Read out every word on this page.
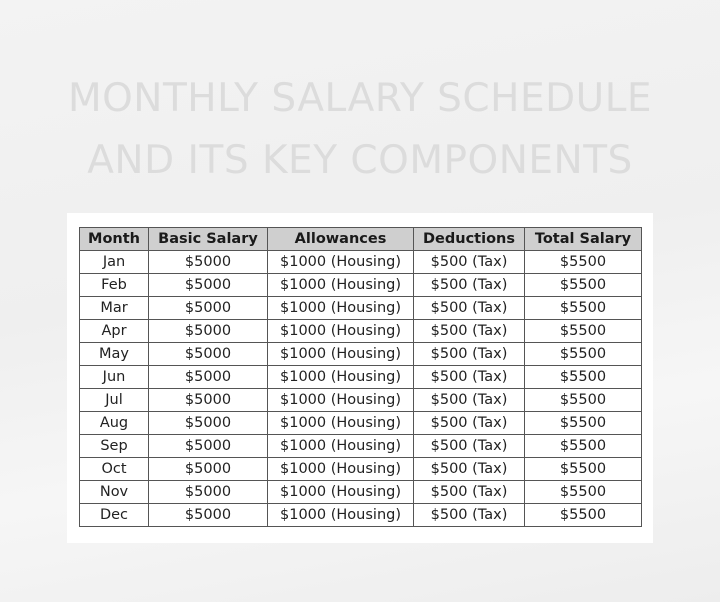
MONTHLY SALARY SCHEDULE
AND ITS KEY COMPONENTS
Month	Basic Salary	Allowances	Deductions	Total Salary
Jan	$5000	$1000 (Housing)	$500 (Tax)	$5500
Feb	$5000	$1000 (Housing)	$500 (Tax)	$5500
Mar	$5000	$1000 (Housing)	$500 (Tax)	$5500
Apr	$5000	$1000 (Housing)	$500 (Tax)	$5500
May	$5000	$1000 (Housing)	$500 (Tax)	$5500
Jun	$5000	$1000 (Housing)	$500 (Tax)	$5500
Jul	$5000	$1000 (Housing)	$500 (Tax)	$5500
Aug	$5000	$1000 (Housing)	$500 (Tax)	$5500
Sep	$5000	$1000 (Housing)	$500 (Tax)	$5500
Oct	$5000	$1000 (Housing)	$500 (Tax)	$5500
Nov	$5000	$1000 (Housing)	$500 (Tax)	$5500
Dec	$5000	$1000 (Housing)	$500 (Tax)	$5500
